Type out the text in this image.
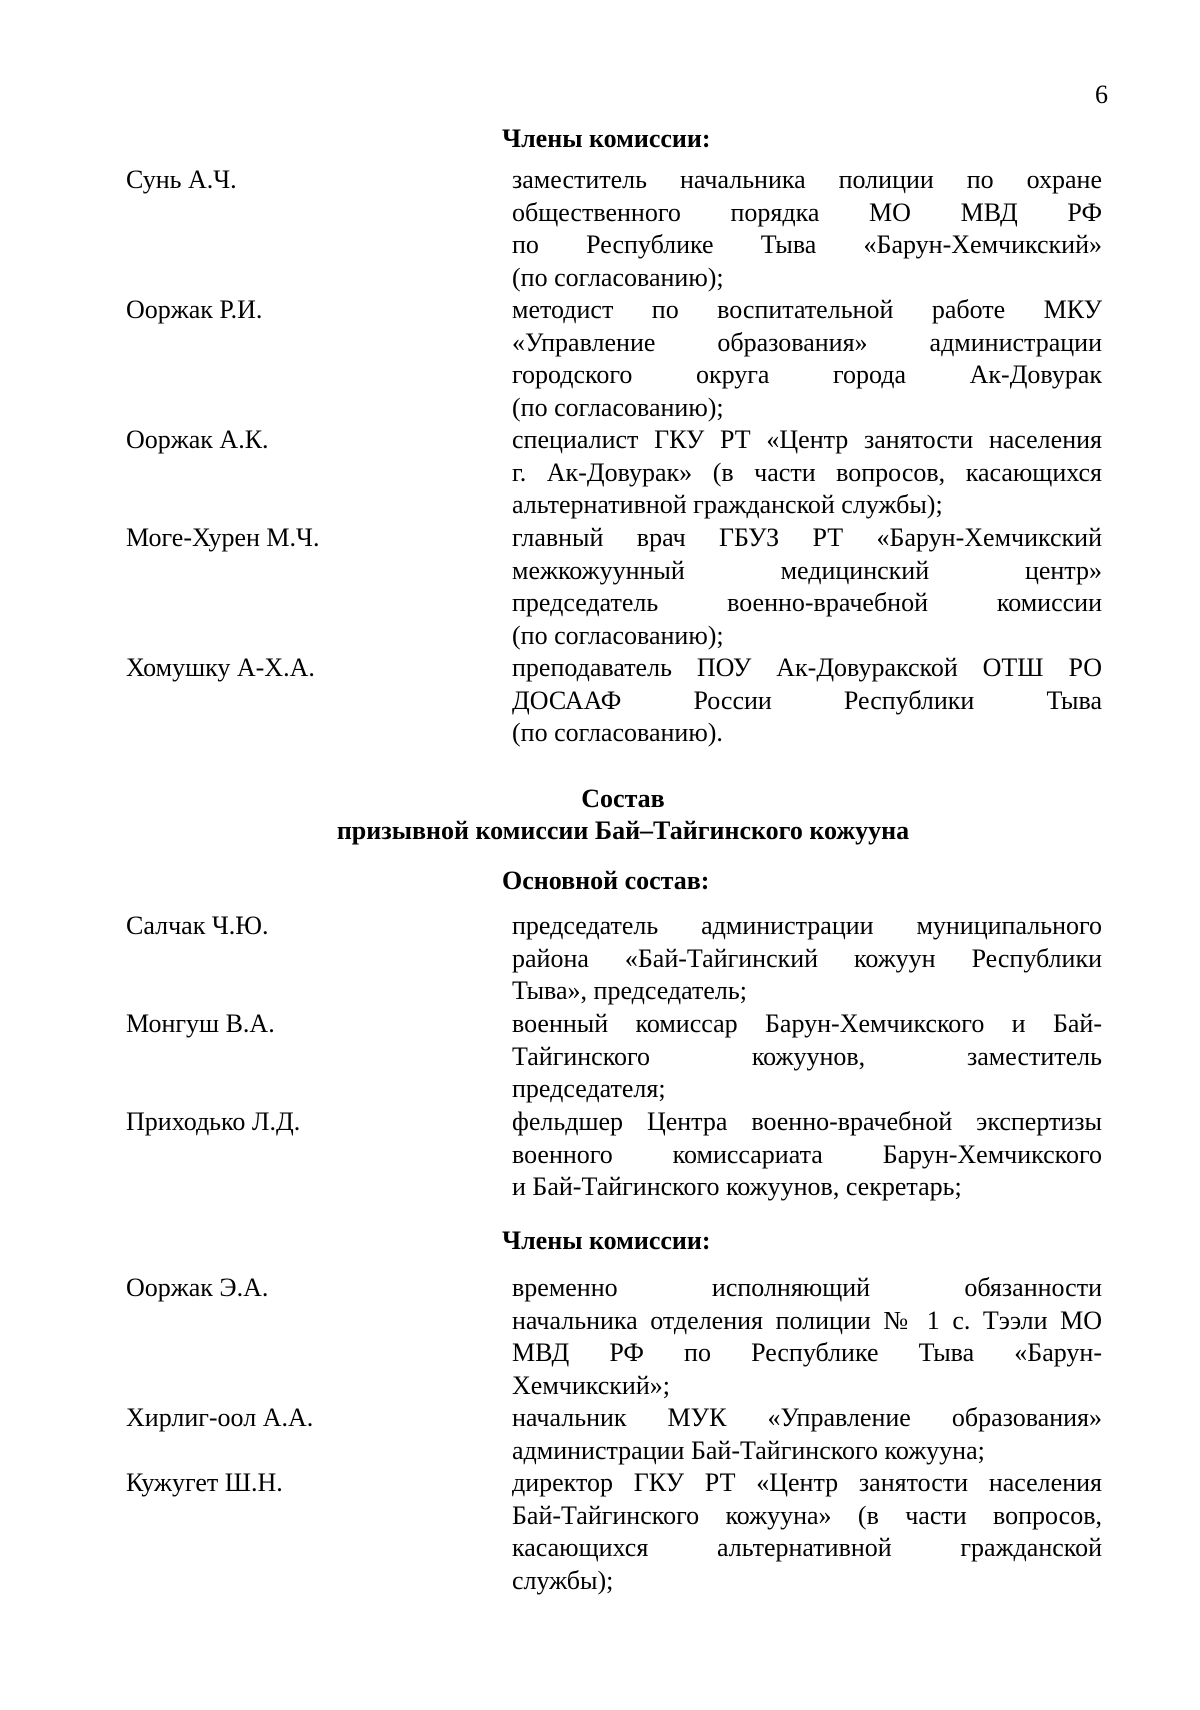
6
Члены комиссии:
Сунь А.Ч.	заместитель начальника полиции по охране
общественного порядка МО МВД РФ
по Республике Тыва «Барун-Хемчикский»
(по согласованию);
Ооржак Р.И.	методист по воспитательной работе МКУ
«Управление образования» администрации
городского округа города Ак-Довурак
(по согласованию);
Ооржак А.К.	специалист ГКУ РТ «Центр занятости населения
г. Ак-Довурак» (в части вопросов, касающихся
альтернативной гражданской службы);
Моге-Хурен М.Ч.	главный врач ГБУЗ РТ «Барун-Хемчикский
межкожуунный медицинский центр»
председатель военно-врачебной комиссии
(по согласованию);
Хомушку А-Х.А.	преподаватель ПОУ Ак-Довуракской ОТШ РО
ДОСААФ России Республики Тыва
(по согласованию).
Состав
призывной комиссии Бай–Тайгинского кожууна
Основной состав:
Салчак Ч.Ю.	председатель администрации муниципального
района «Бай-Тайгинский кожуун Республики
Тыва», председатель;
Монгуш В.А.	военный комиссар Барун-Хемчикского и Бай-
Тайгинского кожуунов, заместитель
председателя;
Приходько Л.Д.	фельдшер Центра военно-врачебной экспертизы
военного комиссариата Барун-Хемчикского
и Бай-Тайгинского кожуунов, секретарь;
Члены комиссии:
Ооржак Э.А.	временно исполняющий обязанности
начальника отделения полиции № 1 с. Тээли МО
МВД РФ по Республике Тыва «Барун-
Хемчикский»;
Хирлиг-оол А.А.	начальник МУК «Управление образования»
администрации Бай-Тайгинского кожууна;
Кужугет Ш.Н.	директор ГКУ РТ «Центр занятости населения
Бай-Тайгинского кожууна» (в части вопросов,
касающихся альтернативной гражданской
службы);
